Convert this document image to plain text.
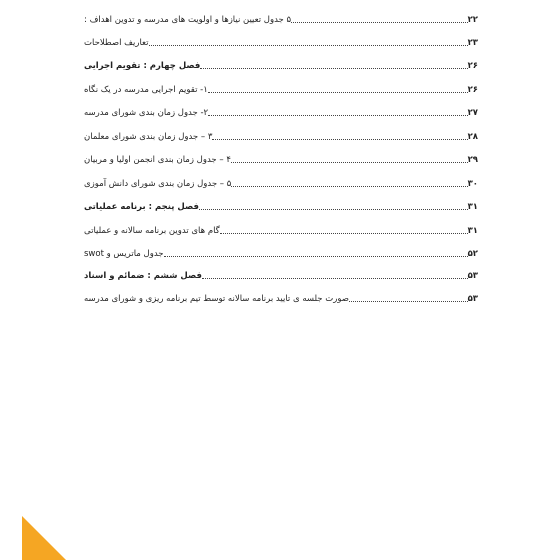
۵ جدول تعیین نیازها و اولویت های مدرسه و تدوین اهداف :	۲۲
تعاریف اصطلاحات	۲۳
فصل چهارم : تقویم اجرایی	۲۶
۱- تقویم اجرایی مدرسه در یک نگاه	۲۶
۲- جدول زمان بندی شورای مدرسه	۲۷
۳ – جدول زمان بندی شورای معلمان	۲۸
۴ – جدول زمان بندی انجمن اولیا و مربیان	۲۹
۵ – جدول زمان بندی شورای دانش آموزی	۳۰
فصل پنجم : برنامه عملیاتی	۳۱
گام های تدوین برنامه سالانه و عملیاتی	۳۱
جدول ماتریس و swot	۵۲
فصل ششم : ضمائم و اسناد	۵۳
صورت جلسه ی تایید برنامه سالانه توسط تیم برنامه ریزی و شورای مدرسه	۵۳
